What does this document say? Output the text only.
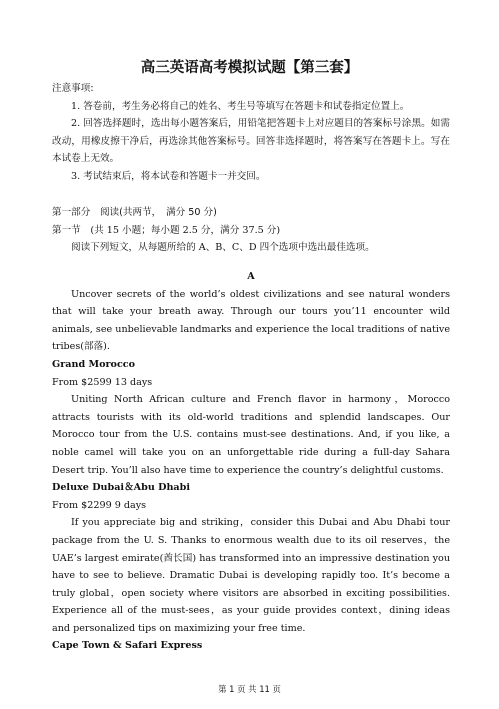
高三英语高考模拟试题【第三套】

注意事项:

1. 答卷前，考生务必将自己的姓名、考生号等填写在答题卡和试卷指定位置上。

2. 回答选择题时，选出每小题答案后，用铅笔把答题卡上对应题目的答案标号涂黑。如需改动，用橡皮擦干净后，再选涂其他答案标号。回答非选择题时，将答案写在答题卡上。写在本试卷上无效。

3. 考试结束后，将本试卷和答题卡一并交回。

第一部分　阅读(共两节，　满分 50 分)

第一节　(共 15 小题；每小题 2.5 分，满分 37.5 分)

阅读下列短文，从每题所给的 A、B、C、D 四个选项中选出最佳选项。

A

Uncover secrets of the world’s oldest civilizations and see natural wonders that will take your breath away. Through our tours you’11 encounter wild animals, see unbelievable landmarks and experience the local traditions of native tribes(部落).

Grand Morocco

From $2599 13 days

Uniting North African culture and French flavor in harmony，Morocco attracts tourists with its old-world traditions and splendid landscapes. Our Morocco tour from the U.S. contains must-see destinations. And, if you like, a noble camel will take you on an unforgettable ride during a full-day Sahara Desert trip. You’ll also have time to experience the country’s delightful customs.

Deluxe Dubai＆Abu Dhabi

From $2299 9 days

If you appreciate big and striking，consider this Dubai and Abu Dhabi tour package from the U. S. Thanks to enormous wealth due to its oil reserves，the UAE’s largest emirate(酋长国) has transformed into an impressive destination you have to see to believe. Dramatic Dubai is developing rapidly too. It’s become a truly global，open society where visitors are absorbed in exciting possibilities. Experience all of the must-sees，as your guide provides context，dining ideas and personalized tips on maximizing your free time.

Cape Town & Safari Express

第 1 页 共 11 页
